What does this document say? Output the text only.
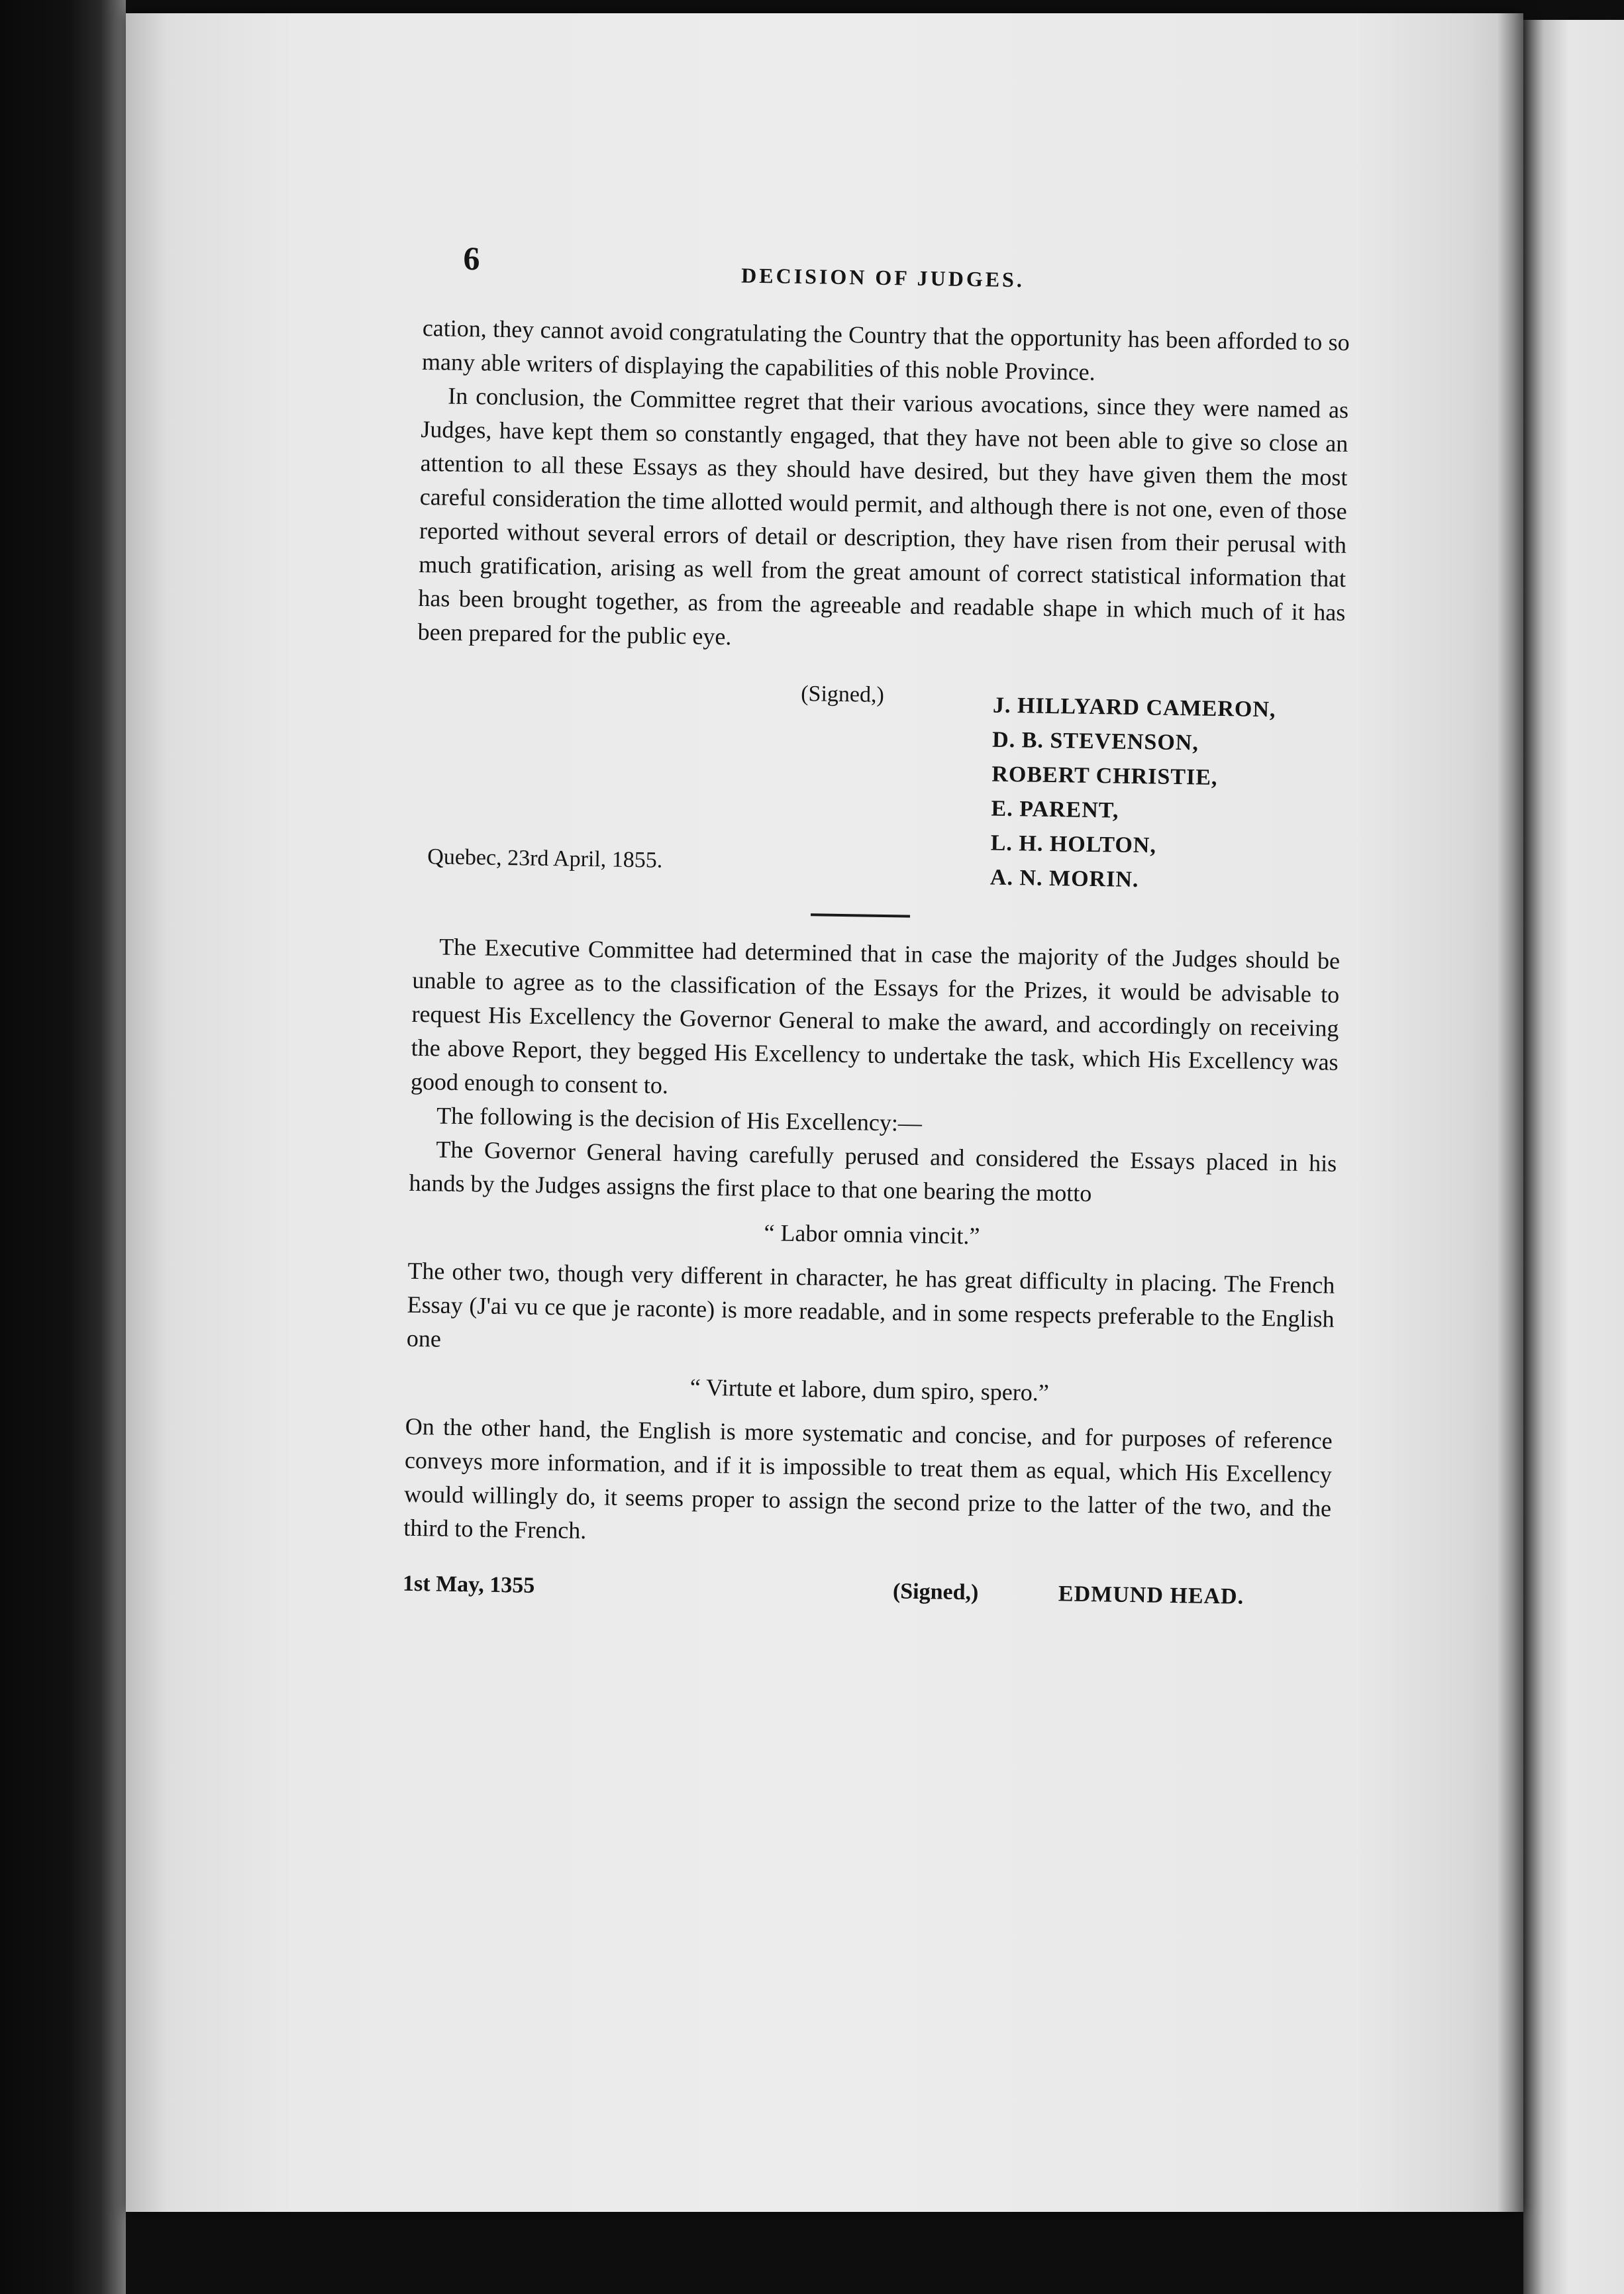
6
DECISION OF JUDGES.

cation, they cannot avoid congratulating the Country that the opportunity has been afforded to so many able writers of displaying the capabilities of this noble Province.

In conclusion, the Committee regret that their various avocations, since they were named as Judges, have kept them so constantly engaged, that they have not been able to give so close an attention to all these Essays as they should have desired, but they have given them the most careful consideration the time allotted would permit, and although there is not one, even of those reported without several errors of detail or description, they have risen from their perusal with much gratification, arising as well from the great amount of correct statistical information that has been brought together, as from the agreeable and readable shape in which much of it has been prepared for the public eye.

(Signed,)	J. HILLYARD CAMERON,
D. B. STEVENSON,
ROBERT CHRISTIE,
E. PARENT,
L. H. HOLTON,
A. N. MORIN.
Quebec, 23rd April, 1855.

The Executive Committee had determined that in case the majority of the Judges should be unable to agree as to the classification of the Essays for the Prizes, it would be advisable to request His Excellency the Governor General to make the award, and accordingly on receiving the above Report, they begged His Excellency to undertake the task, which His Excellency was good enough to consent to.

The following is the decision of His Excellency:—

The Governor General having carefully perused and considered the Essays placed in his hands by the Judges assigns the first place to that one bearing the motto

“ Labor omnia vincit.”

The other two, though very different in character, he has great difficulty in placing. The French Essay (J'ai vu ce que je raconte) is more readable, and in some respects preferable to the English one

“ Virtute et labore, dum spiro, spero.”

On the other hand, the English is more systematic and concise, and for purposes of reference conveys more information, and if it is impossible to treat them as equal, which His Excellency would willingly do, it seems proper to assign the second prize to the latter of the two, and the third to the French.

1st May, 1355	(Signed,)	EDMUND HEAD.
